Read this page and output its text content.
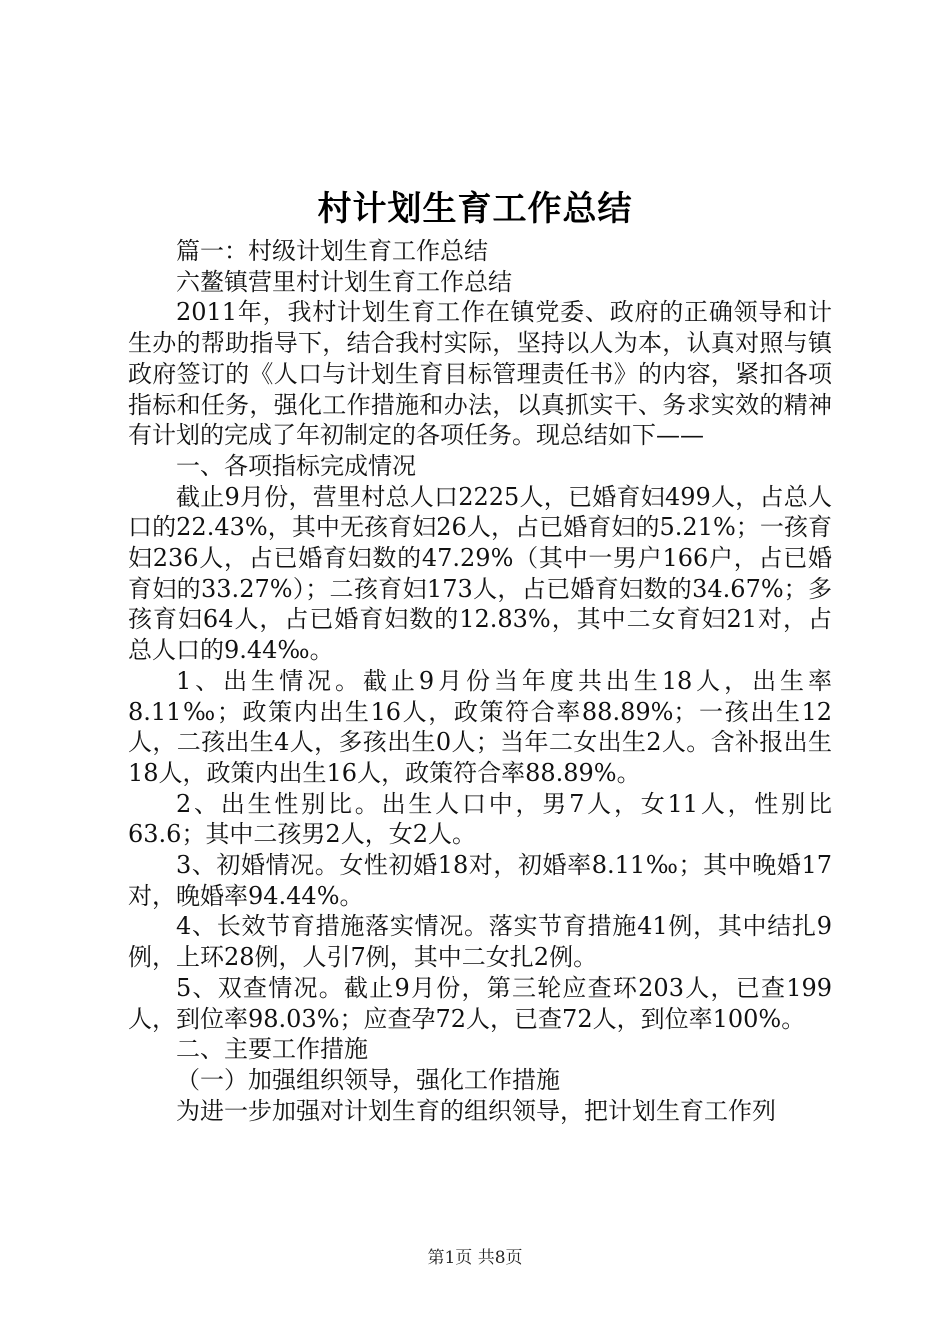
村计划生育工作总结

篇一：村级计划生育工作总结

六鳌镇营里村计划生育工作总结

2011年，我村计划生育工作在镇党委、政府的正确领导和计生办的帮助指导下，结合我村实际，坚持以人为本，认真对照与镇政府签订的《人口与计划生育目标管理责任书》的内容，紧扣各项指标和任务，强化工作措施和办法，以真抓实干、务求实效的精神有计划的完成了年初制定的各项任务。现总结如下——

一、各项指标完成情况

截止9月份，营里村总人口2225人，已婚育妇499人，占总人口的22.43%，其中无孩育妇26人，占已婚育妇的5.21%；一孩育妇236人，占已婚育妇数的47.29%（其中一男户166户，占已婚育妇的33.27%）；二孩育妇173人，占已婚育妇数的34.67%；多孩育妇64人，占已婚育妇数的12.83%，其中二女育妇21对，占总人口的9.44‰。

1、出生情况。截止9月份当年度共出生18人，出生率8.11‰；政策内出生16人，政策符合率88.89%；一孩出生12人，二孩出生4人，多孩出生0人；当年二女出生2人。含补报出生18人，政策内出生16人，政策符合率88.89%。

2、出生性别比。出生人口中，男7人，女11人，性别比63.6；其中二孩男2人，女2人。

3、初婚情况。女性初婚18对，初婚率8.11‰；其中晚婚17对，晚婚率94.44%。

4、长效节育措施落实情况。落实节育措施41例，其中结扎9例，上环28例，人引7例，其中二女扎2例。

5、双查情况。截止9月份，第三轮应查环203人，已查199人，到位率98.03%；应查孕72人，已查72人，到位率100%。

二、主要工作措施

（一）加强组织领导，强化工作措施

为进一步加强对计划生育的组织领导，把计划生育工作列

第1页 共8页
